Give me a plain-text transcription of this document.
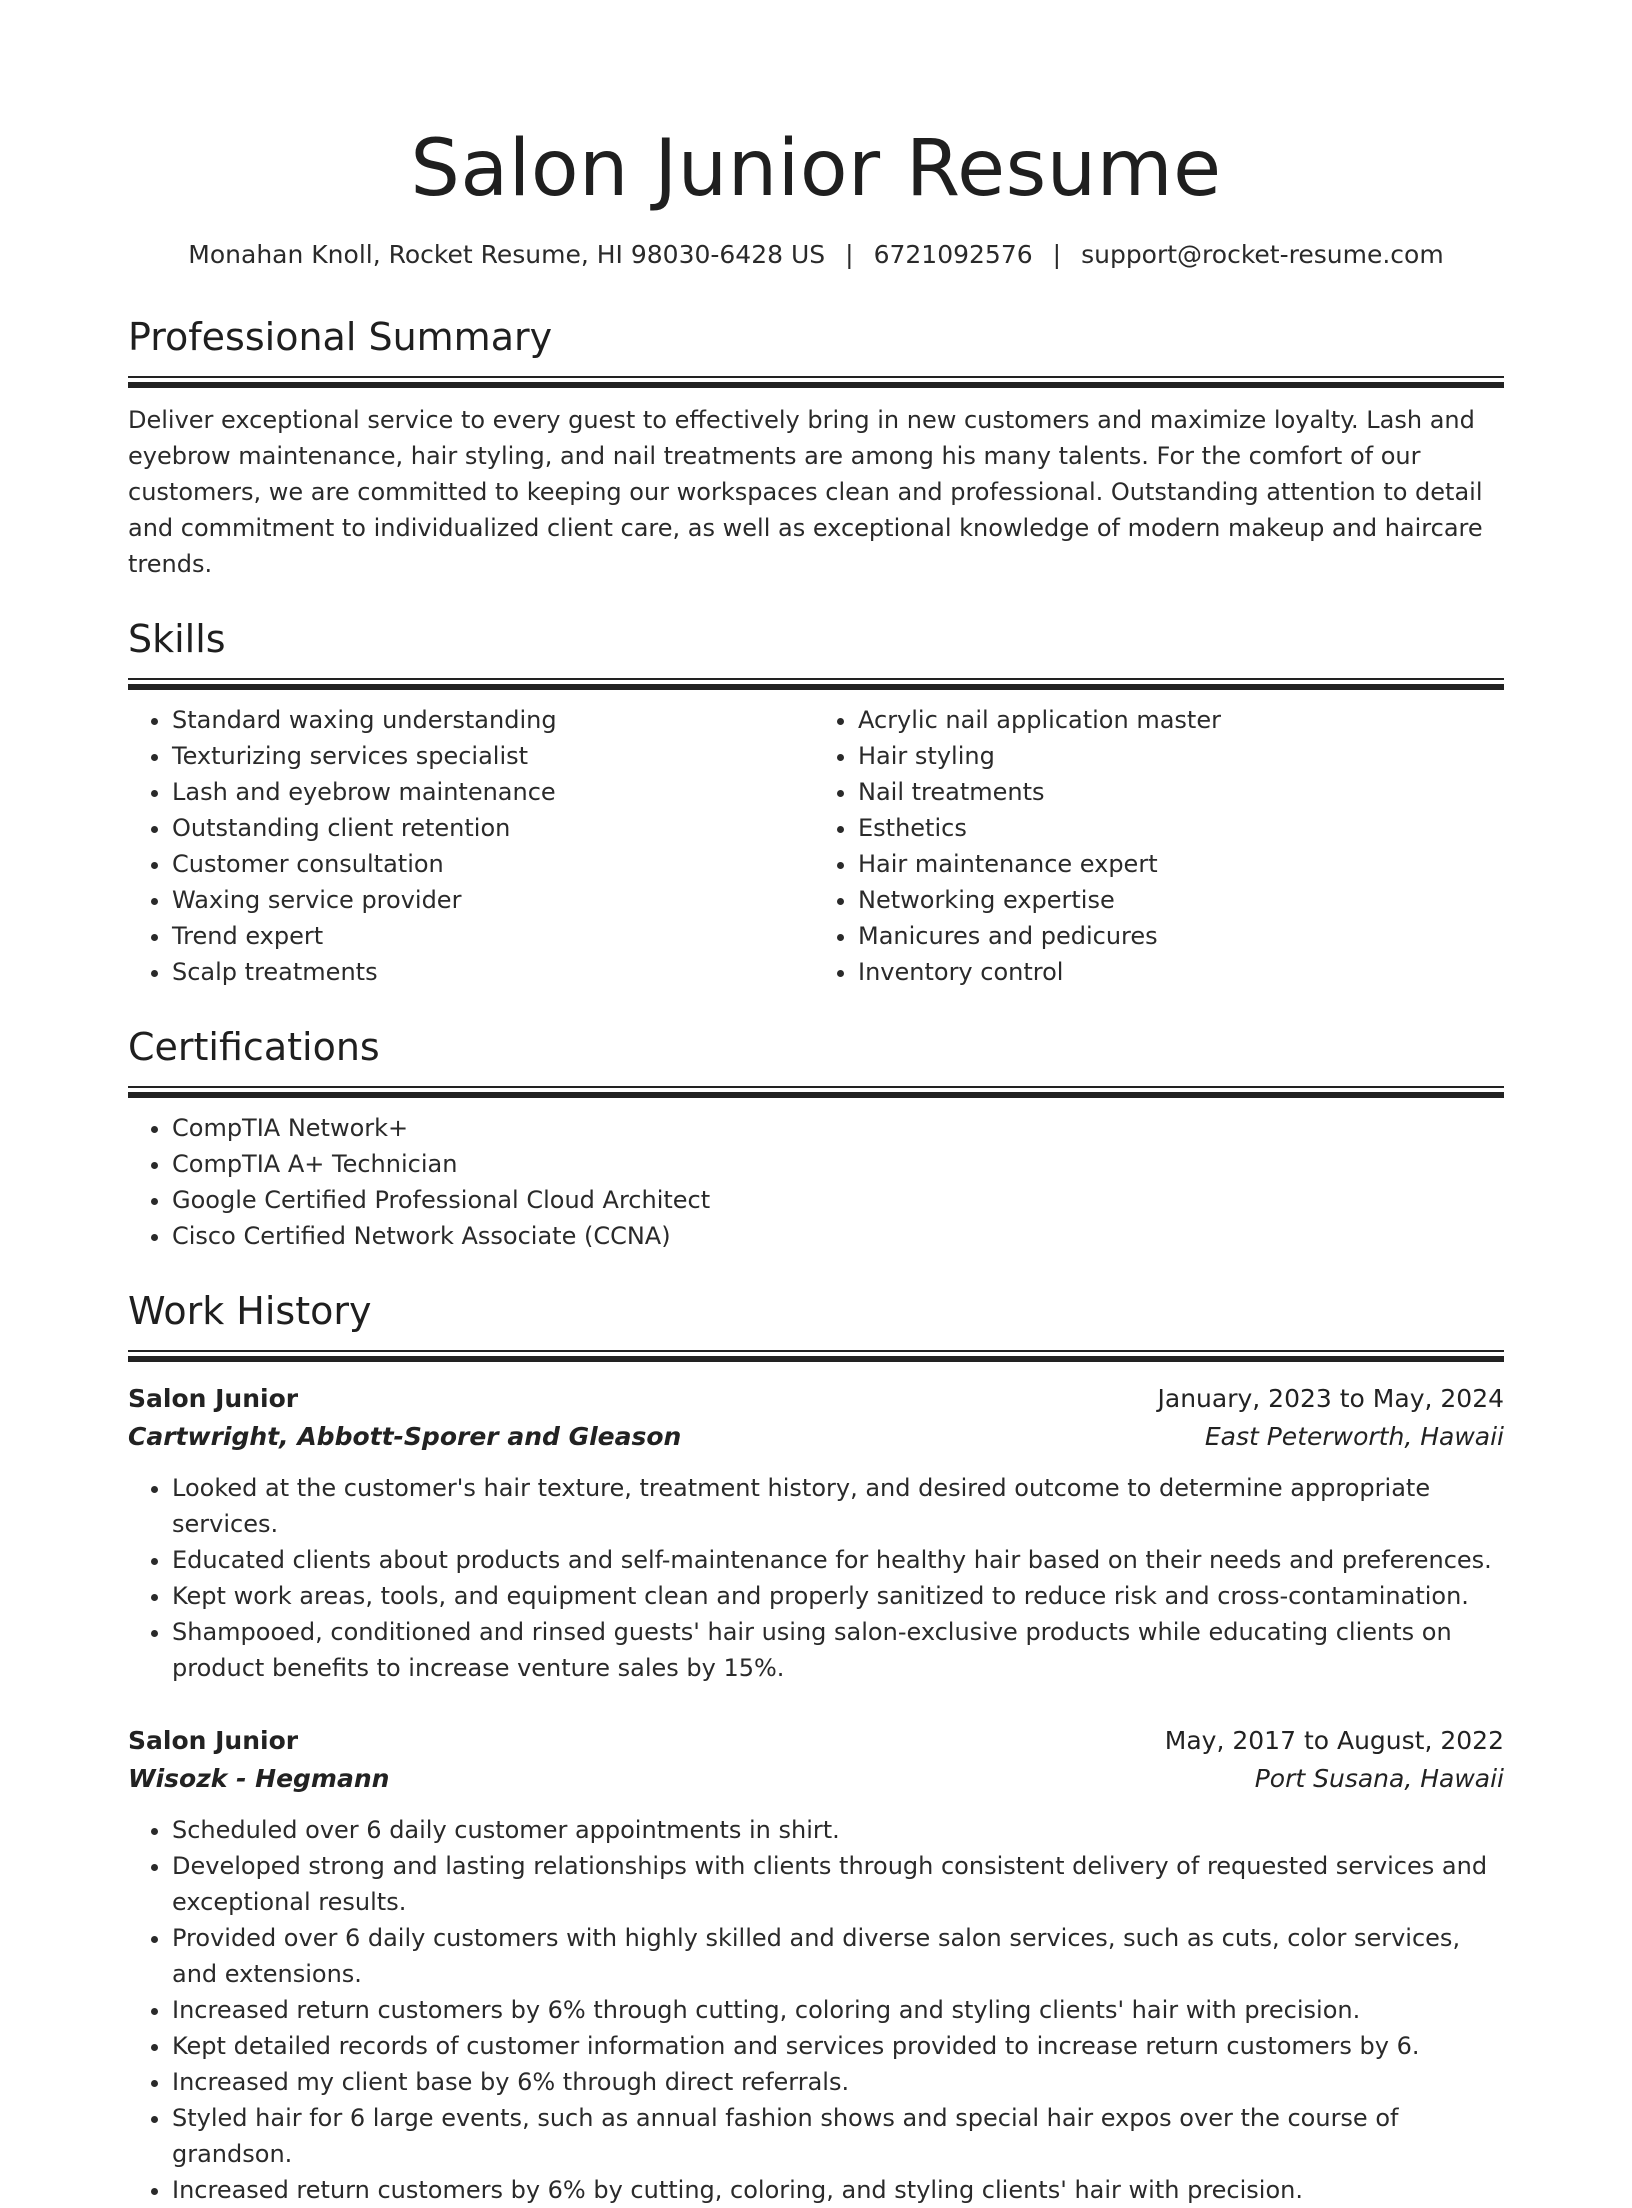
Salon Junior Resume
Monahan Knoll, Rocket Resume, HI 98030-6428 US | 6721092576 | support@rocket-resume.com
Professional Summary

Deliver exceptional service to every guest to effectively bring in new customers and maximize loyalty. Lash and eyebrow maintenance, hair styling, and nail treatments are among his many talents. For the comfort of our customers, we are committed to keeping our workspaces clean and professional. Outstanding attention to detail and commitment to individualized client care, as well as exceptional knowledge of modern makeup and haircare trends.

Skills
• Standard waxing understanding
• Texturizing services specialist
• Lash and eyebrow maintenance
• Outstanding client retention
• Customer consultation
• Waxing service provider
• Trend expert
• Scalp treatments
• Acrylic nail application master
• Hair styling
• Nail treatments
• Esthetics
• Hair maintenance expert
• Networking expertise
• Manicures and pedicures
• Inventory control
Certifications
• CompTIA Network+
• CompTIA A+ Technician
• Google Certified Professional Cloud Architect
• Cisco Certified Network Associate (CCNA)
Work History
Salon Junior	January, 2023 to May, 2024
Cartwright, Abbott-Sporer and Gleason	East Peterworth, Hawaii
• Looked at the customer's hair texture, treatment history, and desired outcome to determine appropriate services.
• Educated clients about products and self-maintenance for healthy hair based on their needs and preferences.
• Kept work areas, tools, and equipment clean and properly sanitized to reduce risk and cross-contamination.
• Shampooed, conditioned and rinsed guests' hair using salon-exclusive products while educating clients on product benefits to increase venture sales by 15%.
Salon Junior	May, 2017 to August, 2022
Wisozk - Hegmann	Port Susana, Hawaii
• Scheduled over 6 daily customer appointments in shirt.
• Developed strong and lasting relationships with clients through consistent delivery of requested services and exceptional results.
• Provided over 6 daily customers with highly skilled and diverse salon services, such as cuts, color services, and extensions.
• Increased return customers by 6% through cutting, coloring and styling clients' hair with precision.
• Kept detailed records of customer information and services provided to increase return customers by 6.
• Increased my client base by 6% through direct referrals.
• Styled hair for 6 large events, such as annual fashion shows and special hair expos over the course of grandson.
• Increased return customers by 6% by cutting, coloring, and styling clients' hair with precision.
